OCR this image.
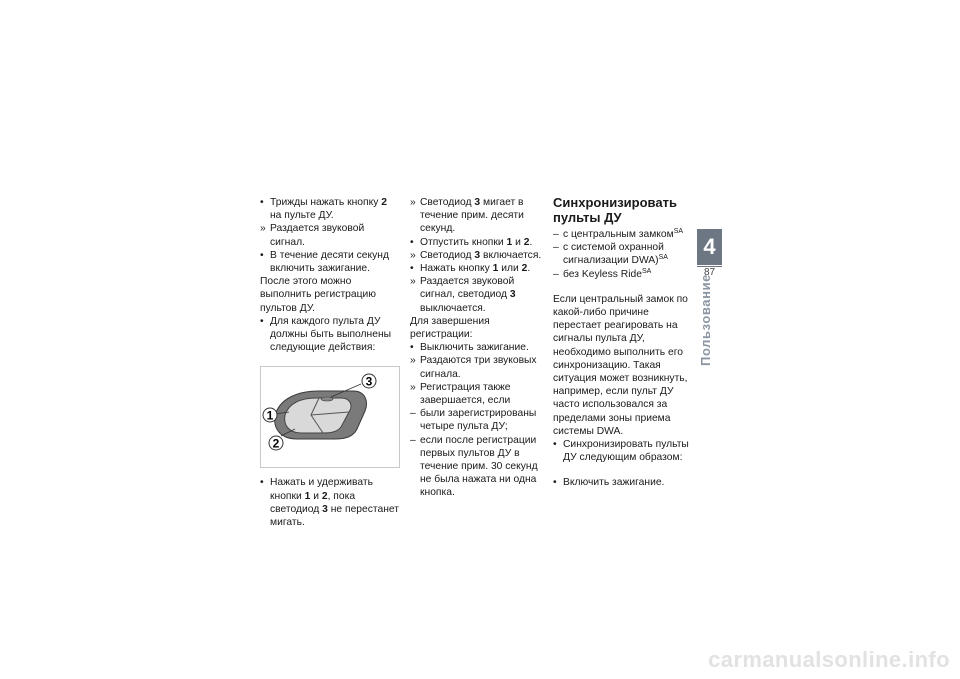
• Трижды нажать кнопку 2 на пульте ДУ.
» Раздается звуковой сигнал.
• В течение десяти секунд включить зажигание.

После этого можно выполнить регистрацию пультов ДУ.

• Для каждого пульта ДУ должны быть выполнены следующие действия:
1
2
3
• Нажать и удерживать кнопки 1 и 2, пока светодиод 3 не перестанет мигать.
» Светодиод 3 мигает в течение прим. десяти секунд.
• Отпустить кнопки 1 и 2.
» Светодиод 3 включается.
• Нажать кнопку 1 или 2.
» Раздается звуковой сигнал, светодиод 3 выключается.

Для завершения регистрации:

• Выключить зажигание.
» Раздаются три звуковых сигнала.
» Регистрация также завершается, если
– были зарегистрированы четыре пульта ДУ;
– если после регистрации первых пультов ДУ в течение прим. 30 секунд не была нажата ни одна кнопка.
Синхронизировать пульты ДУ
– с центральным замком$^{SA}$
– с системой охранной сигнализации DWA)$^{SA}$
– без Keyless Ride$^{SA}$

Если центральный замок по какой-либо причине перестает реагировать на сигналы пульта ДУ, необходимо выполнить его синхронизацию. Такая ситуация может возникнуть, например, если пульт ДУ часто использовался за пределами зоны приема системы DWA.

• Синхронизировать пульты ДУ следующим образом:
• Включить зажигание.
4
87
Пользование
carmanualsonline.info
